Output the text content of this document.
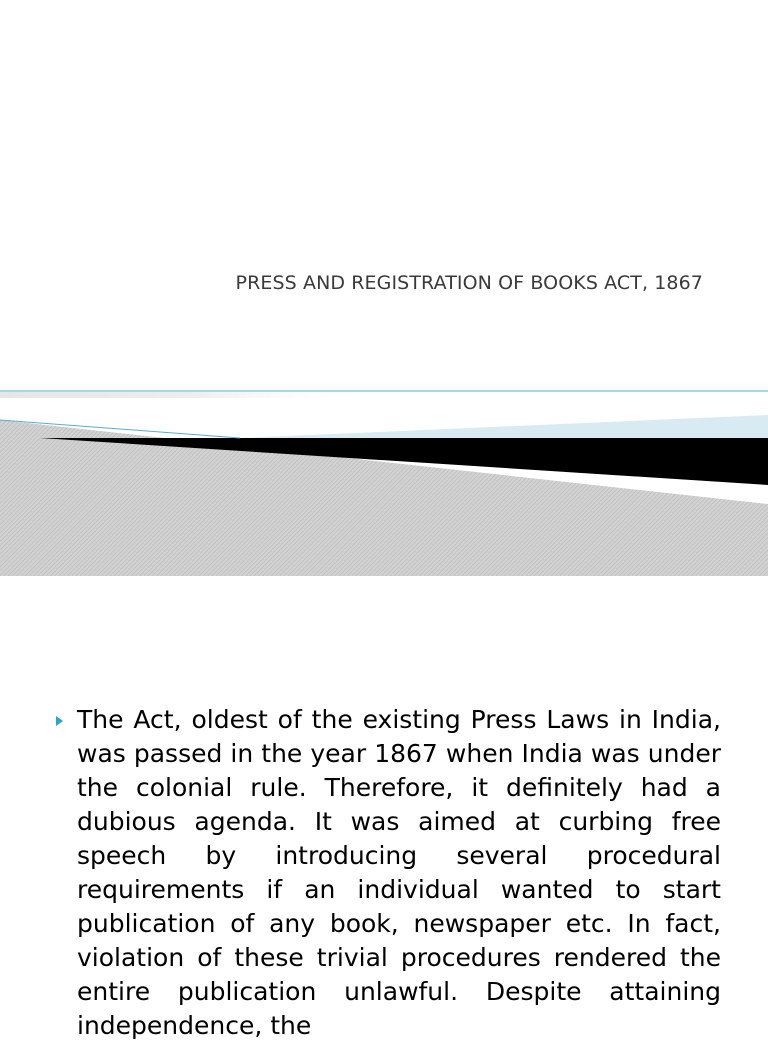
PRESS AND REGISTRATION OF BOOKS ACT, 1867

The Act, oldest of the existing Press Laws in India, was passed in the year 1867 when India was under the colonial rule. Therefore, it definitely had a dubious agenda. It was aimed at curbing free speech by introducing several procedural requirements if an individual wanted to start publication of any book, newspaper etc. In fact, violation of these trivial procedures rendered the entire publication unlawful. Despite attaining independence, the
